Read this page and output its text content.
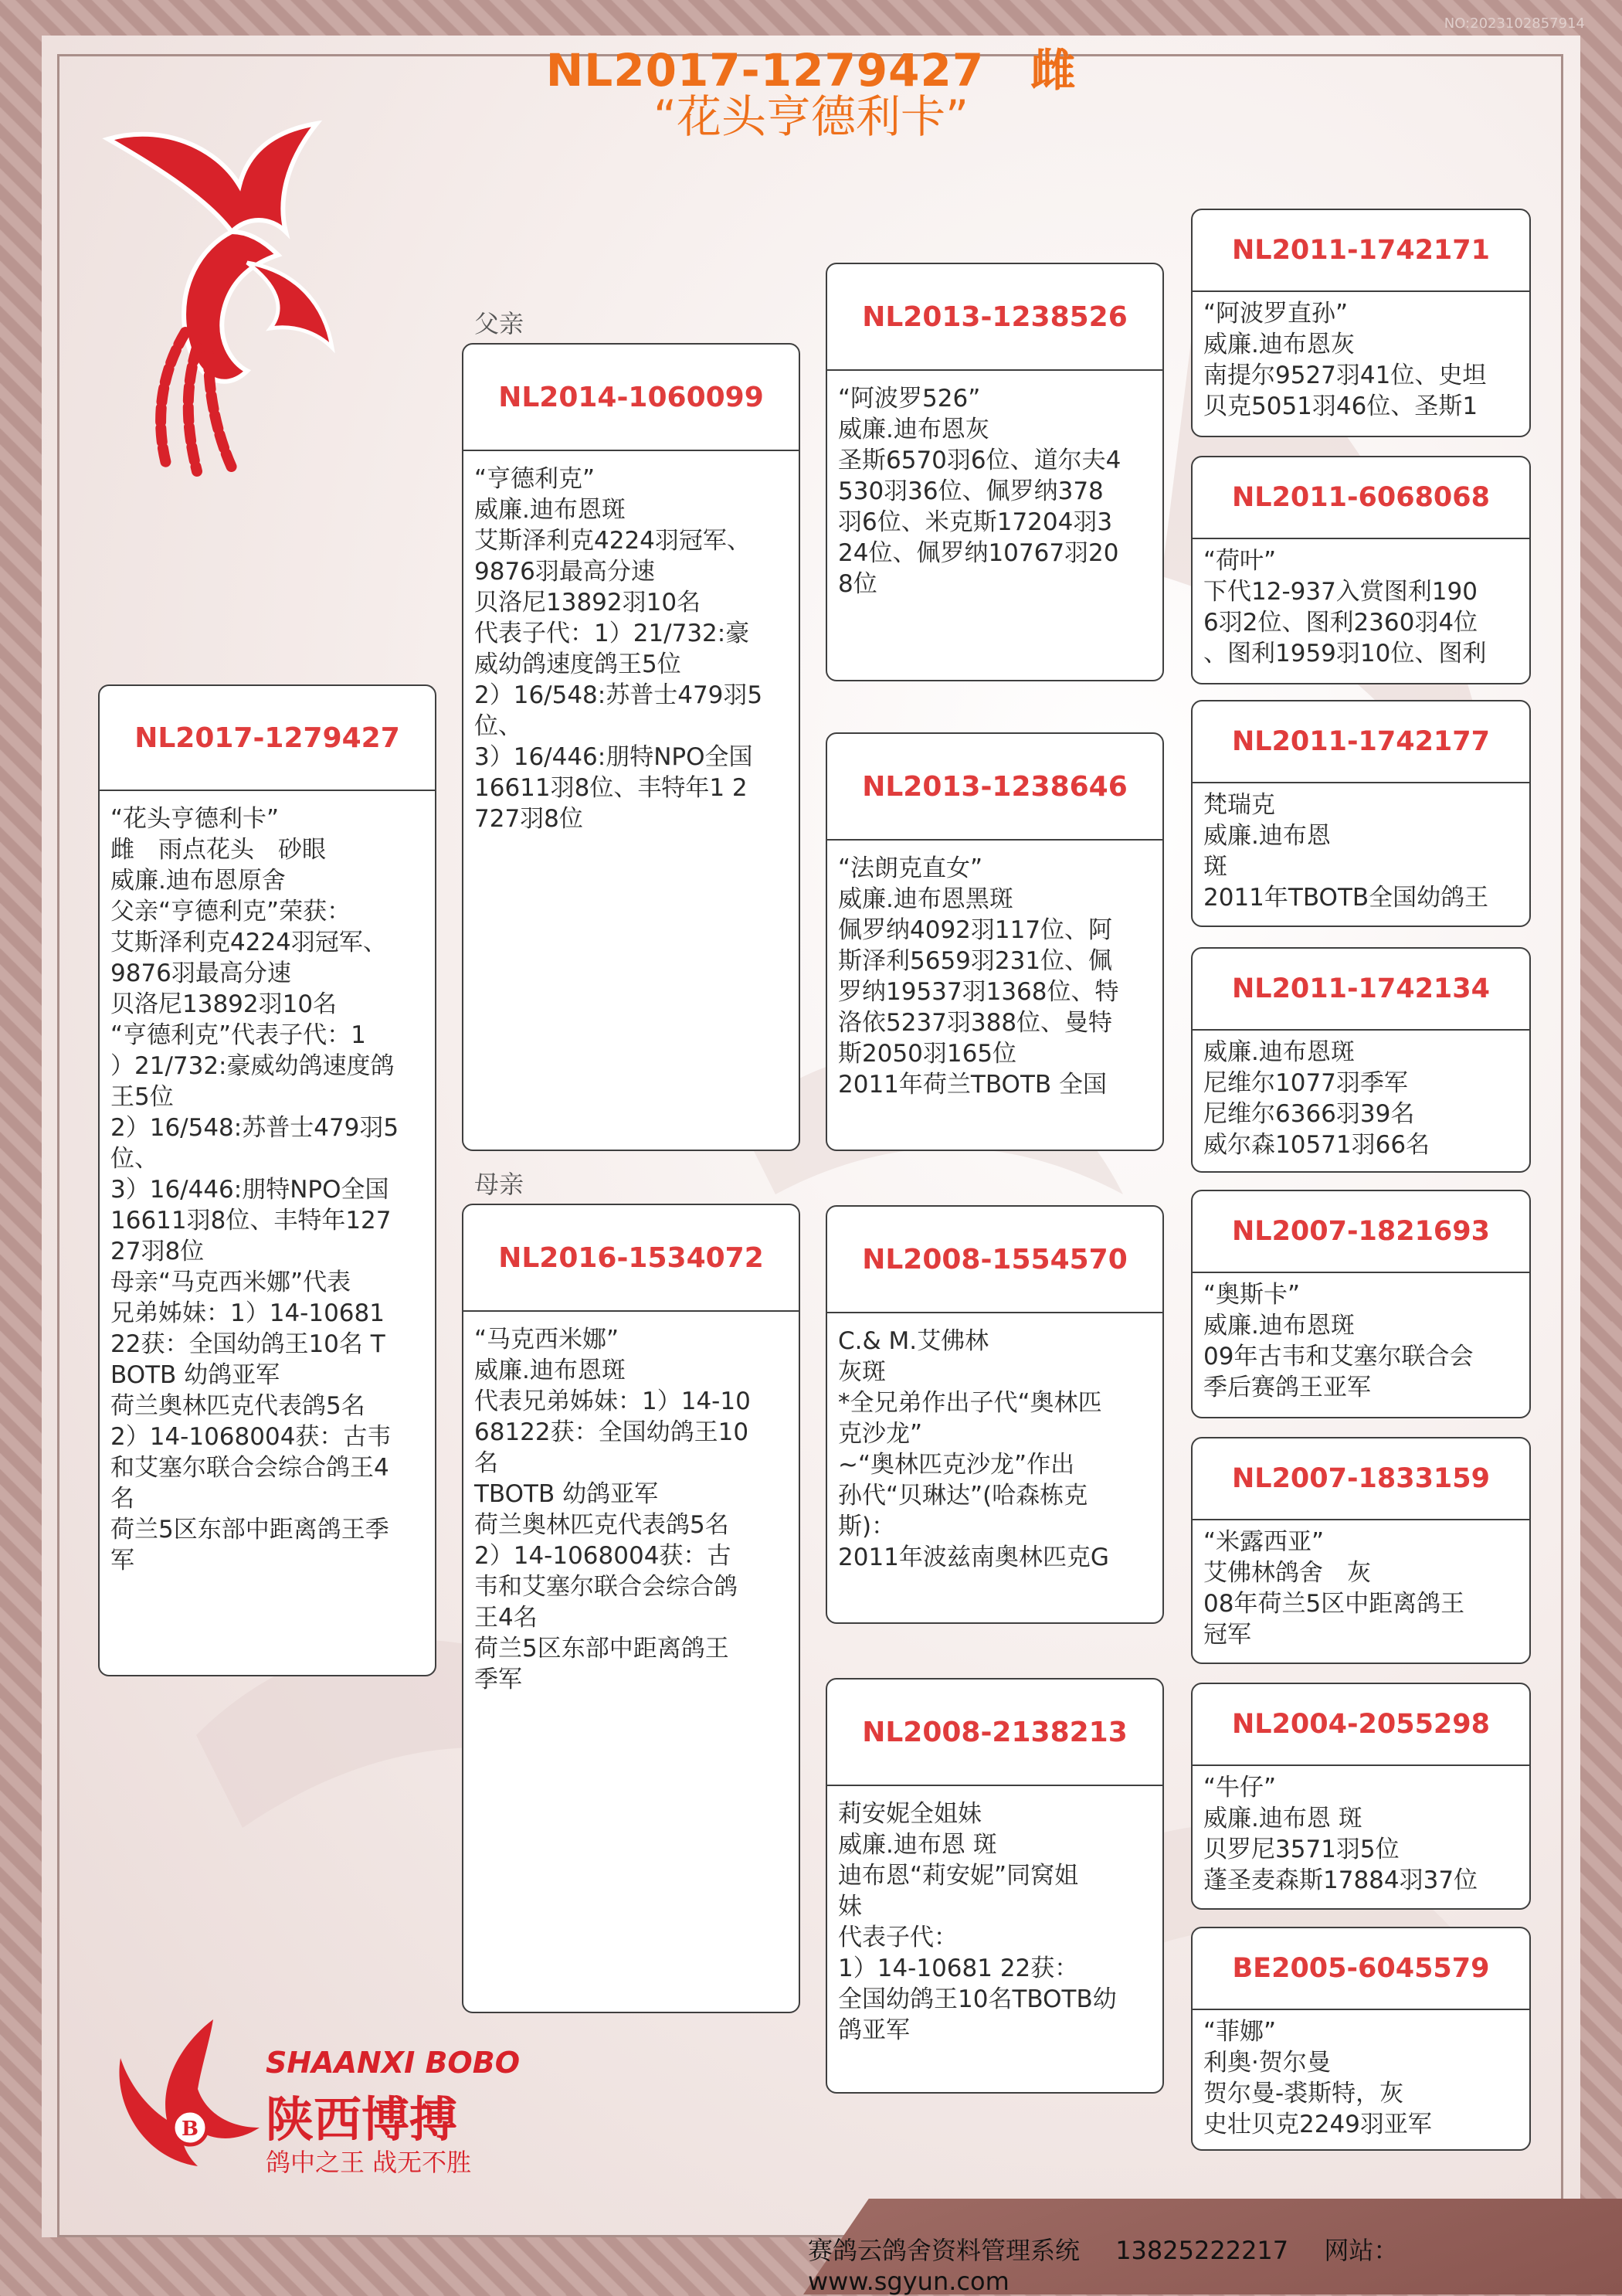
NO:2023102857914
NL2017-1279427 雌
“花头亨德利卡”
父亲
母亲
NL2017-1279427
“花头亨德利卡”
雌　雨点花头　砂眼
威廉.迪布恩原舍
父亲“亨德利克”荣获：
艾斯泽利克4224羽冠军、
9876羽最高分速
贝洛尼13892羽10名
“亨德利克”代表子代：1
）21/732:豪威幼鸽速度鸽
王5位
2）16/548:苏普士479羽5
位、
3）16/446:朋特NPO全国
16611羽8位、丰特年127
27羽8位
母亲“马克西米娜”代表
兄弟姊妹：1）14-10681
22获：全国幼鸽王10名 T
BOTB 幼鸽亚军
荷兰奥林匹克代表鸽5名
2）14-1068004获：古韦
和艾塞尔联合会综合鸽王4
名
荷兰5区东部中距离鸽王季
军
NL2014-1060099
“亨德利克”
威廉.迪布恩斑
艾斯泽利克4224羽冠军、
9876羽最高分速
贝洛尼13892羽10名
代表子代：1）21/732:豪
威幼鸽速度鸽王5位
2）16/548:苏普士479羽5
位、
3）16/446:朋特NPO全国
16611羽8位、丰特年1 2
727羽8位
NL2016-1534072
“马克西米娜”
威廉.迪布恩斑
代表兄弟姊妹：1）14-10
68122获：全国幼鸽王10
名
TBOTB 幼鸽亚军
荷兰奥林匹克代表鸽5名
2）14-1068004获：古
韦和艾塞尔联合会综合鸽
王4名
荷兰5区东部中距离鸽王
季军
NL2013-1238526
“阿波罗526”
威廉.迪布恩灰
圣斯6570羽6位、道尔夫4
530羽36位、佩罗纳378
羽6位、米克斯17204羽3
24位、佩罗纳10767羽20
8位
NL2013-1238646
“法朗克直女”
威廉.迪布恩黑斑
佩罗纳4092羽117位、阿
斯泽利5659羽231位、佩
罗纳19537羽1368位、特
洛依5237羽388位、曼特
斯2050羽165位
2011年荷兰TBOTB 全国
NL2008-1554570
C.& M.艾佛林
灰斑
*全兄弟作出子代“奥林匹
克沙龙”
~“奥林匹克沙龙”作出
孙代“贝琳达”(哈森栋克
斯)：
2011年波兹南奥林匹克G
NL2008-2138213
莉安妮全姐妹
威廉.迪布恩 斑
迪布恩“莉安妮”同窝姐
妹
代表子代：
1）14-10681 22获：
全国幼鸽王10名TBOTB幼
鸽亚军
NL2011-1742171
“阿波罗直孙”
威廉.迪布恩灰
南提尔9527羽41位、史坦
贝克5051羽46位、圣斯1
NL2011-6068068
“荷叶”
下代12-937入赏图利190
6羽2位、图利2360羽4位
、图利1959羽10位、图利
NL2011-1742177
梵瑞克
威廉.迪布恩
斑
2011年TBOTB全国幼鸽王
NL2011-1742134
威廉.迪布恩斑
尼维尔1077羽季军
尼维尔6366羽39名
威尔森10571羽66名
NL2007-1821693
“奥斯卡”
威廉.迪布恩斑
09年古韦和艾塞尔联合会
季后赛鸽王亚军
NL2007-1833159
“米露西亚”
艾佛林鸽舍　灰
08年荷兰5区中距离鸽王
冠军
NL2004-2055298
“牛仔”
威廉.迪布恩 斑
贝罗尼3571羽5位
蓬圣麦森斯17884羽37位
BE2005-6045579
“菲娜”
利奥·贺尔曼
贺尔曼-裘斯特，灰
史壮贝克2249羽亚军
B
SHAANXI BOBO
陕西博搏
鸽中之王 战无不胜
赛鸽云鸽舍资料管理系统 13825222217 网站：www.sgyun.com
